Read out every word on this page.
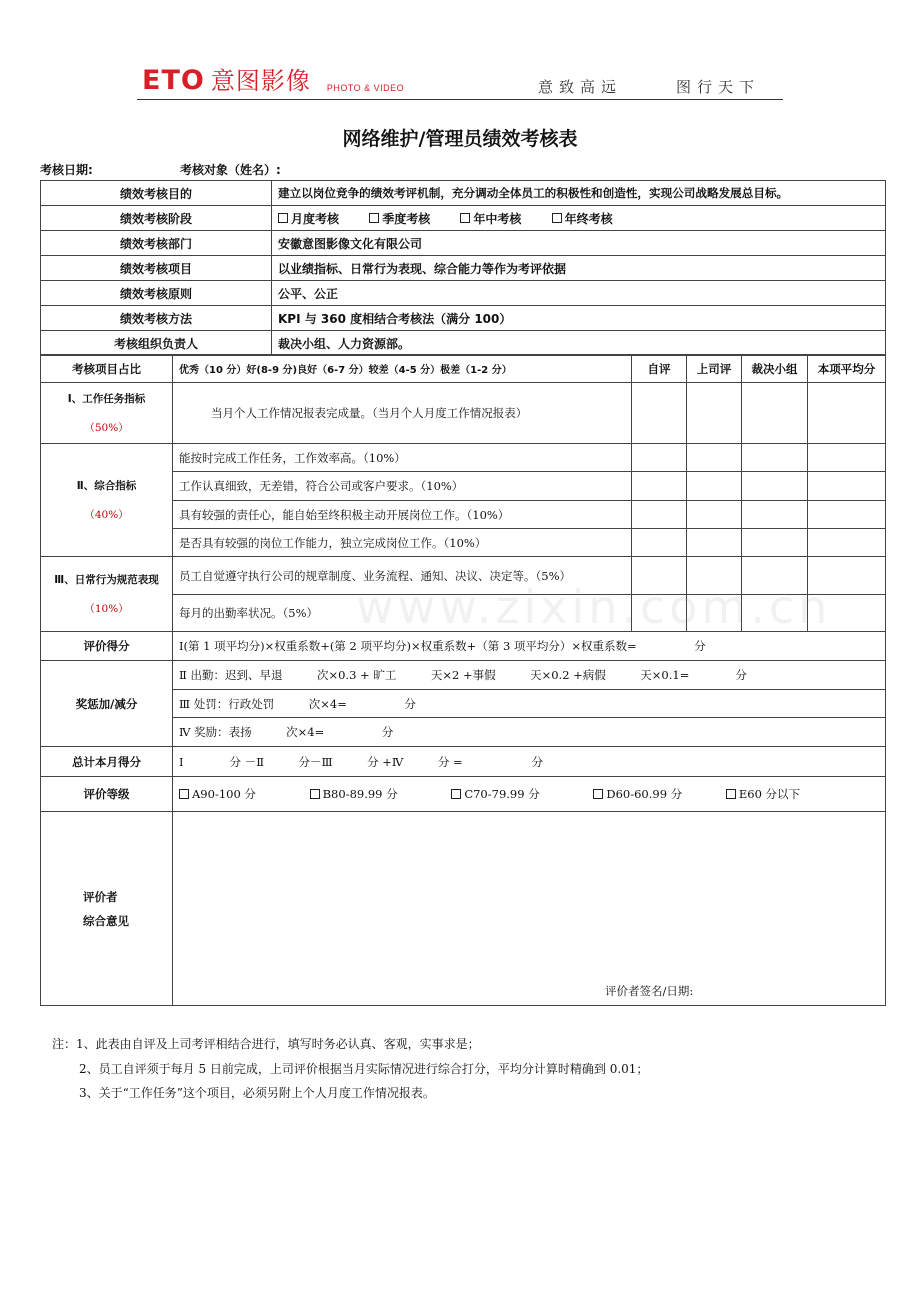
ETO 意图影像 PHOTO & VIDEO	意致高远	图行天下
网络维护/管理员绩效考核表
考核日期:	考核对象（姓名）:
绩效考核目的	建立以岗位竞争的绩效考评机制，充分调动全体员工的积极性和创造性，实现公司战略发展总目标。
绩效考核阶段	月度考核 季度考核 年中考核 年终考核
绩效考核部门	安徽意图影像文化有限公司
绩效考核项目	以业绩指标、日常行为表现、综合能力等作为考评依据
绩效考核原则	公平、公正
绩效考核方法	KPI 与 360 度相结合考核法（满分 100）
考核组织负责人	裁决小组、人力资源部。
考核项目占比	优秀（10 分）好(8-9 分)良好（6-7 分）较差（4-5 分）极差（1-2 分）	自评	上司评	裁决小组	本项平均分

Ⅰ、工作任务指标
（50%）	当月个人工作情况报表完成量。（当月个人月度工作情况报表）				

Ⅱ、综合指标
（40%）	能按时完成工作任务，工作效率高。（10%）				
	工作认真细致，无差错，符合公司或客户要求。（10%）				
	具有较强的责任心，能自始至终积极主动开展岗位工作。（10%）				
	是否具有较强的岗位工作能力，独立完成岗位工作。（10%）				

Ⅲ、日常行为规范表现
（10%）	员工自觉遵守执行公司的规章制度、业务流程、通知、决议、决定等。（5%）				
	每月的出勤率状况。（5%）				
评价得分	Ⅰ(第 1 项平均分)×权重系数+(第 2 项平均分)×权重系数+（第 3 项平均分）×权重系数=　　　　　分				
奖惩加/减分	Ⅱ 出勤：迟到、早退　　　次×0.3 + 旷工　　　天×2 +事假　　　天×0.2 +病假　　　天×0.1=　　　　分				
	Ⅲ 处罚：行政处罚　　　次×4=　　　　　分				
	Ⅳ 奖励：表扬　　　次×4=　　　　　分				
总计本月得分	Ⅰ　　　　分 －Ⅱ　　　分－Ⅲ　　　分 +Ⅳ　　　分 =　　　　　　分				
评价等级	A90-100 分 B80-89.99 分 C70-79.99 分 D60-60.99 分 E60 分以下				

评价者
综合意见	评价者签名/日期:				
www.zixin.com.cn
注：1、此表由自评及上司考评相结合进行，填写时务必认真、客观，实事求是；
2、员工自评须于每月 5 日前完成，上司评价根据当月实际情况进行综合打分，平均分计算时精确到 0.01；
3、关于“工作任务”这个项目，必须另附上个人月度工作情况报表。
